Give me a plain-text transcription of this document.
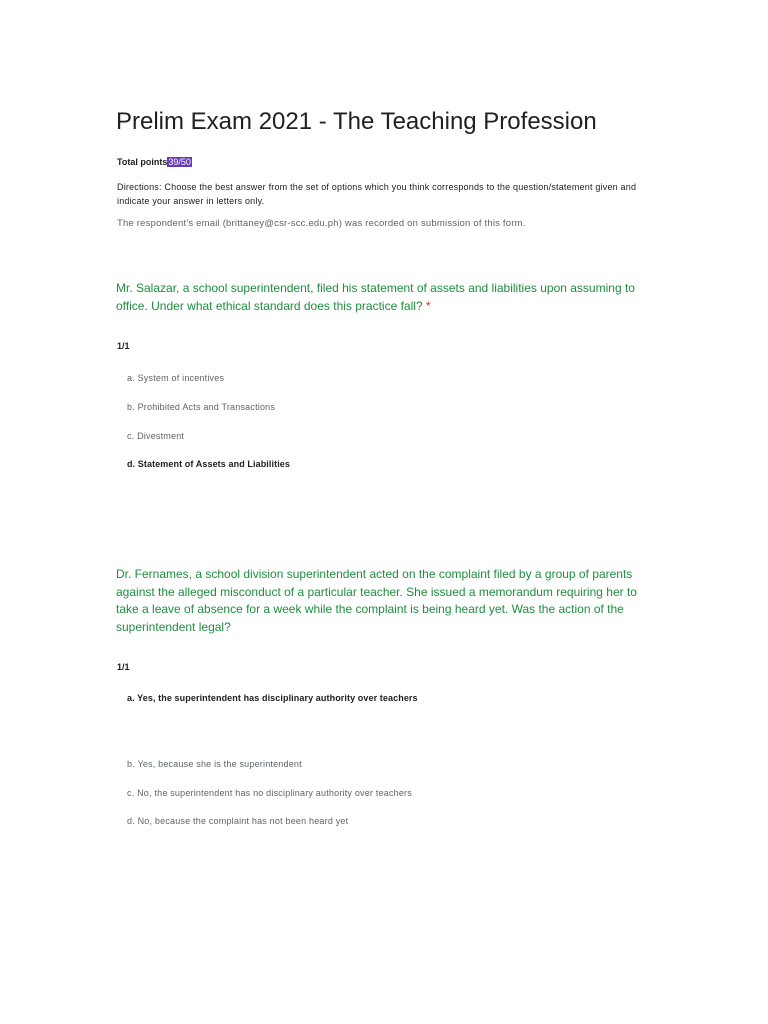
Prelim Exam 2021 - The Teaching Profession
Total points39/50
Directions: Choose the best answer from the set of options which you think corresponds to the question/statement given and indicate your answer in letters only.
The respondent's email (brittaney@csr-scc.edu.ph) was recorded on submission of this form.
Mr. Salazar, a school superintendent, filed his statement of assets and liabilities upon assuming to office. Under what ethical standard does this practice fall? *
1/1
a. System of incentives
b. Prohibited Acts and Transactions
c. Divestment
d. Statement of Assets and Liabilities
Dr. Fernames, a school division superintendent acted on the complaint filed by a group of parents against the alleged misconduct of a particular teacher. She issued a memorandum requiring her to take a leave of absence for a week while the complaint is being heard yet. Was the action of the superintendent legal?
1/1
a. Yes, the superintendent has disciplinary authority over teachers
b. Yes, because she is the superintendent
c. No, the superintendent has no disciplinary authority over teachers
d. No, because the complaint has not been heard yet
